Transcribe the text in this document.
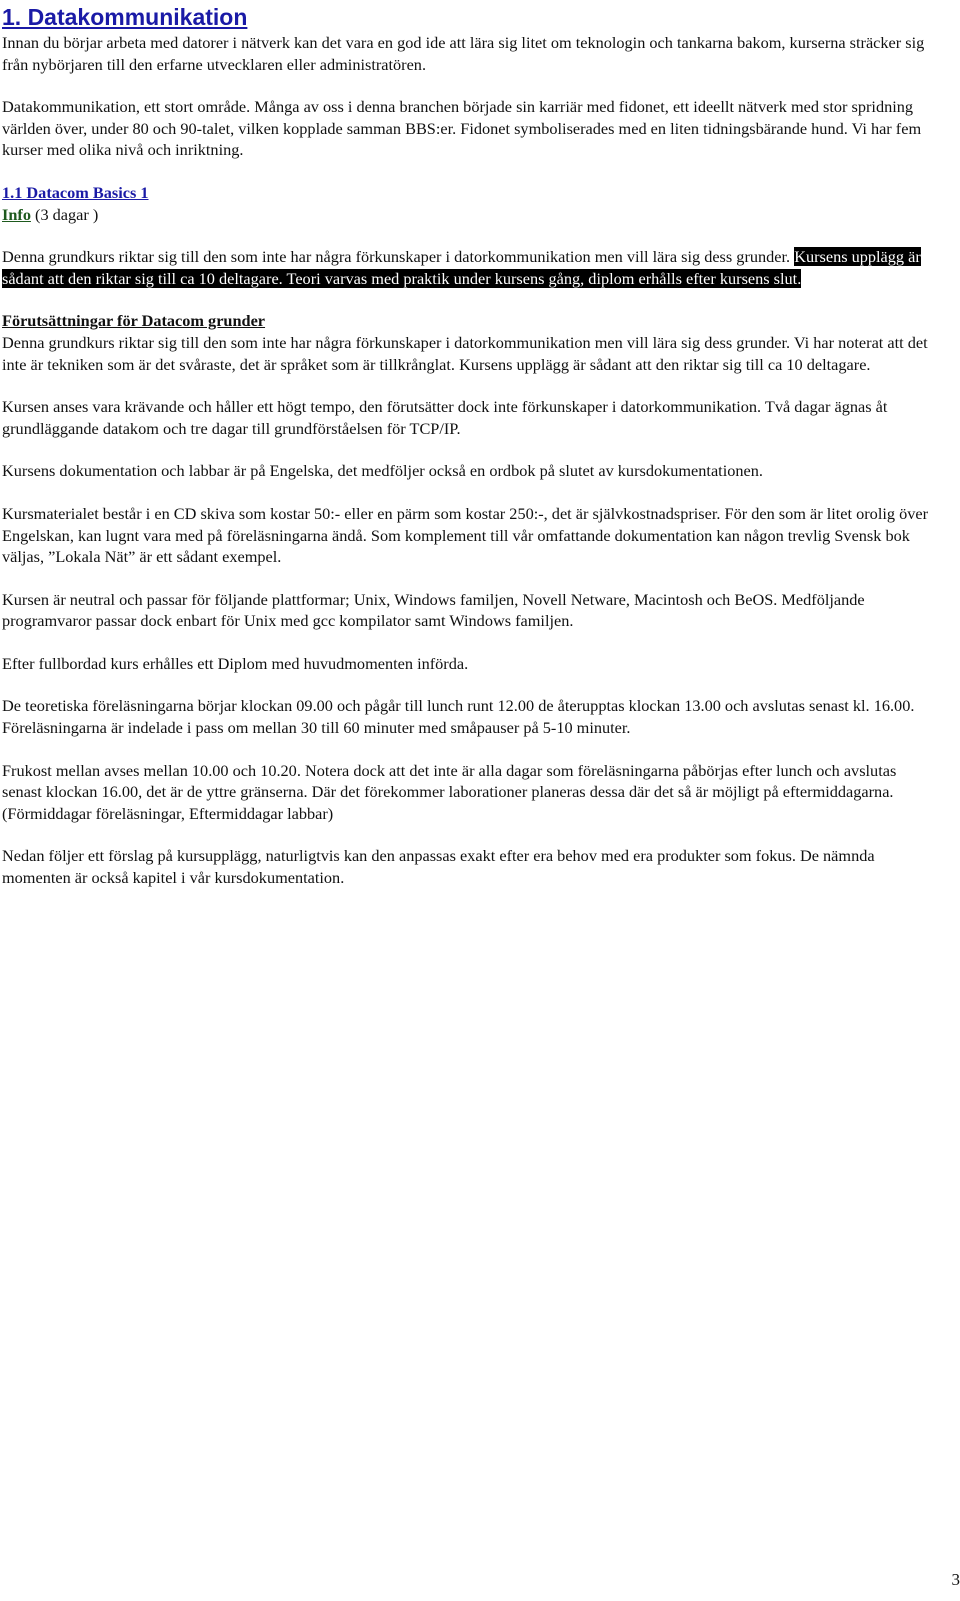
1. Datakommunikation

Innan du börjar arbeta med datorer i nätverk kan det vara en god ide att lära sig litet om teknologin och tankarna bakom, kurserna sträcker sig från nybörjaren till den erfarne utvecklaren eller administratören.

Datakommunikation, ett stort område. Många av oss i denna branchen började sin karriär med fidonet, ett ideellt nätverk med stor spridning världen över, under 80 och 90-talet, vilken kopplade samman BBS:er. Fidonet symboliserades med en liten tidningsbärande hund. Vi har fem kurser med olika nivå och inriktning.

1.1 Datacom Basics 1

Info (3 dagar )

Denna grundkurs riktar sig till den som inte har några förkunskaper i datorkommunikation men vill lära sig dess grunder. Kursens upplägg är sådant att den riktar sig till ca 10 deltagare. Teori varvas med praktik under kursens gång, diplom erhålls efter kursens slut.

Förutsättningar för Datacom grunder

Denna grundkurs riktar sig till den som inte har några förkunskaper i datorkommunikation men vill lära sig dess grunder. Vi har noterat att det inte är tekniken som är det svåraste, det är språket som är tillkrånglat. Kursens upplägg är sådant att den riktar sig till ca 10 deltagare.

Kursen anses vara krävande och håller ett högt tempo, den förutsätter dock inte förkunskaper i datorkommunikation. Två dagar ägnas åt grundläggande datakom och tre dagar till grundförståelsen för TCP/IP.

Kursens dokumentation och labbar är på Engelska, det medföljer också en ordbok på slutet av kursdokumentationen.

Kursmaterialet består i en CD skiva som kostar 50:- eller en pärm som kostar 250:-, det är självkostnadspriser. För den som är litet orolig över Engelskan, kan lugnt vara med på föreläsningarna ändå. Som komplement till vår omfattande dokumentation kan någon trevlig Svensk bok väljas, ”Lokala Nät” är ett sådant exempel.

Kursen är neutral och passar för följande plattformar; Unix, Windows familjen, Novell Netware, Macintosh och BeOS. Medföljande programvaror passar dock enbart för Unix med gcc kompilator samt Windows familjen.

Efter fullbordad kurs erhålles ett Diplom med huvudmomenten införda.

De teoretiska föreläsningarna börjar klockan 09.00 och pågår till lunch runt 12.00 de återupptas klockan 13.00 och avslutas senast kl. 16.00. Föreläsningarna är indelade i pass om mellan 30 till 60 minuter med småpauser på 5-10 minuter.

Frukost mellan avses mellan 10.00 och 10.20. Notera dock att det inte är alla dagar som föreläsningarna påbörjas efter lunch och avslutas senast klockan 16.00, det är de yttre gränserna. Där det förekommer laborationer planeras dessa där det så är möjligt på eftermiddagarna. (Förmiddagar föreläsningar, Eftermiddagar labbar)

Nedan följer ett förslag på kursupplägg, naturligtvis kan den anpassas exakt efter era behov med era produkter som fokus. De nämnda momenten är också kapitel i vår kursdokumentation.

3
